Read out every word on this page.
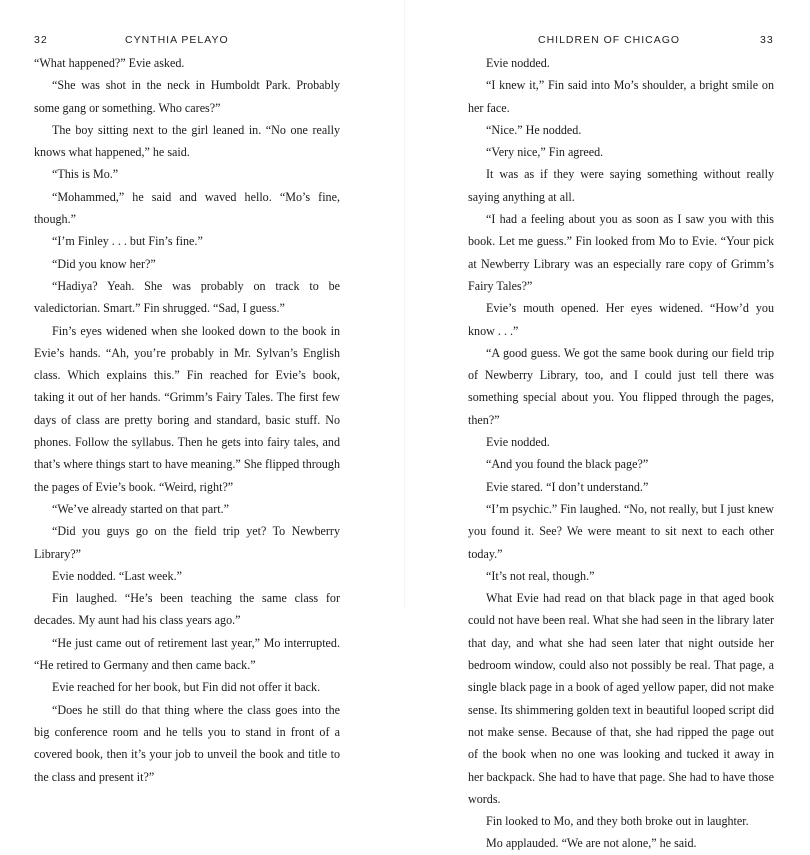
32	CYNTHIA PELAYO

“What happened?” Evie asked.

“She was shot in the neck in Humboldt Park. Probably some gang or something. Who cares?”

The boy sitting next to the girl leaned in. “No one really knows what happened,” he said.

“This is Mo.”

“Mohammed,” he said and waved hello. “Mo’s fine, though.”

“I’m Finley . . . but Fin’s fine.”

“Did you know her?”

“Hadiya? Yeah. She was probably on track to be valedictorian. Smart.” Fin shrugged. “Sad, I guess.”

Fin’s eyes widened when she looked down to the book in Evie’s hands. “Ah, you’re probably in Mr. Sylvan’s English class. Which explains this.” Fin reached for Evie’s book, taking it out of her hands. “Grimm’s Fairy Tales. The first few days of class are pretty boring and standard, basic stuff. No phones. Follow the syllabus. Then he gets into fairy tales, and that’s where things start to have meaning.” She flipped through the pages of Evie’s book. “Weird, right?”

“We’ve already started on that part.”

“Did you guys go on the field trip yet? To Newberry Library?”

Evie nodded. “Last week.”

Fin laughed. “He’s been teaching the same class for decades. My aunt had his class years ago.”

“He just came out of retirement last year,” Mo interrupted. “He retired to Germany and then came back.”

Evie reached for her book, but Fin did not offer it back.

“Does he still do that thing where the class goes into the big conference room and he tells you to stand in front of a covered book, then it’s your job to unveil the book and title to the class and present it?”

CHILDREN OF CHICAGO	33

Evie nodded.

“I knew it,” Fin said into Mo’s shoulder, a bright smile on her face.

“Nice.” He nodded.

“Very nice,” Fin agreed.

It was as if they were saying something without really saying anything at all.

“I had a feeling about you as soon as I saw you with this book. Let me guess.” Fin looked from Mo to Evie. “Your pick at Newberry Library was an especially rare copy of Grimm’s Fairy Tales?”

Evie’s mouth opened. Her eyes widened. “How’d you know . . .”

“A good guess. We got the same book during our field trip of Newberry Library, too, and I could just tell there was something special about you. You flipped through the pages, then?”

Evie nodded.

“And you found the black page?”

Evie stared. “I don’t understand.”

“I’m psychic.” Fin laughed. “No, not really, but I just knew you found it. See? We were meant to sit next to each other today.”

“It’s not real, though.”

What Evie had read on that black page in that aged book could not have been real. What she had seen in the library later that day, and what she had seen later that night outside her bedroom window, could also not possibly be real. That page, a single black page in a book of aged yellow paper, did not make sense. Its shimmering golden text in beautiful looped script did not make sense. Because of that, she had ripped the page out of the book when no one was looking and tucked it away in her backpack. She had to have that page. She had to have those words.

Fin looked to Mo, and they both broke out in laughter.

Mo applauded. “We are not alone,” he said.
